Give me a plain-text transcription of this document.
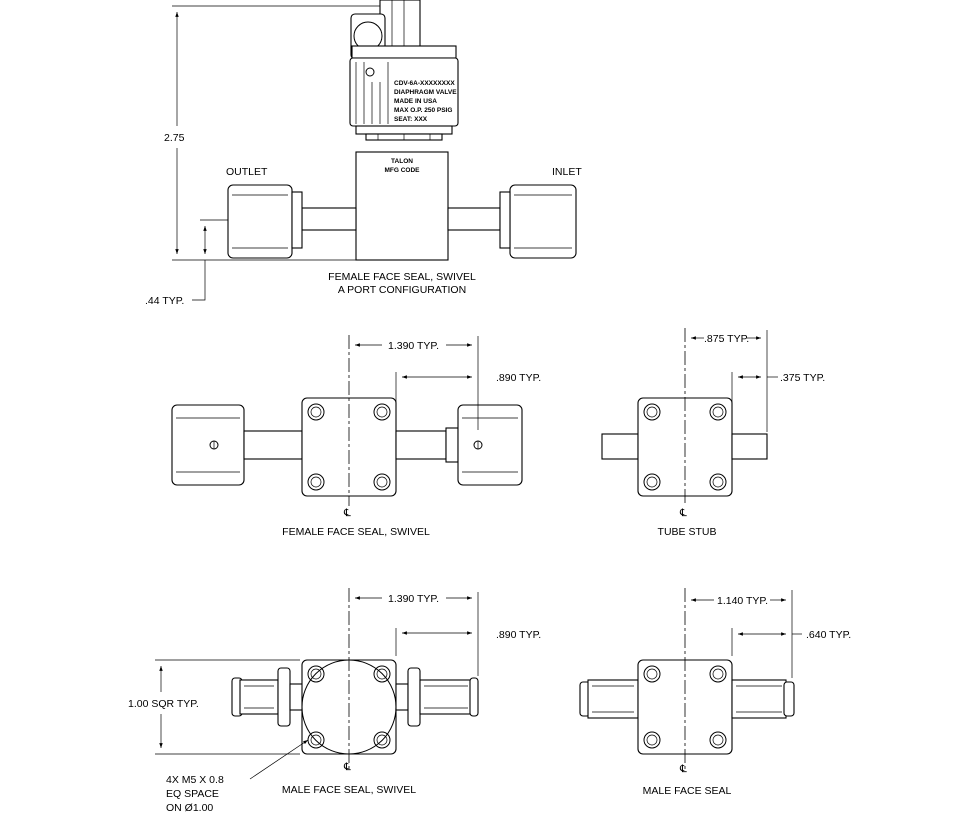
CDV-6A-XXXXXXXX
DIAPHRAGM VALVE
MADE IN USA
MAX O.P. 250 PSIG
SEAT: XXX
TALON
MFG CODE
OUTLET	INLET
2.75
.44 TYP.
FEMALE FACE SEAL, SWIVEL
A PORT CONFIGURATION
℄
1.390 TYP.
.890 TYP.
FEMALE FACE SEAL, SWIVEL
℄
.875 TYP.
.375 TYP.
TUBE STUB
℄
1.390 TYP.
.890 TYP.
1.00 SQR TYP.
4X M5 X 0.8
EQ SPACE
ON Ø1.00
MALE FACE SEAL, SWIVEL
℄
1.140 TYP.
.640 TYP.
MALE FACE SEAL
